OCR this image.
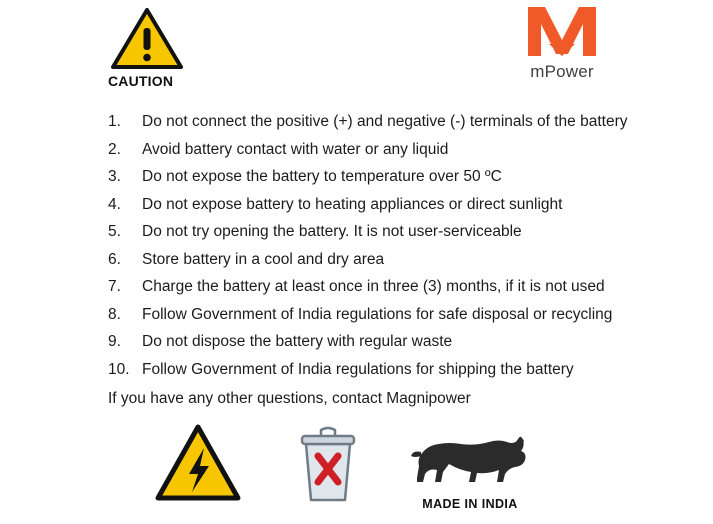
CAUTION	mPower
1.	Do not connect the positive (+) and negative (-) terminals of the battery
2.	Avoid battery contact with water or any liquid
3.	Do not expose the battery to temperature over 50 ºC
4.	Do not expose battery to heating appliances or direct sunlight
5.	Do not try opening the battery. It is not user-serviceable
6.	Store battery in a cool and dry area
7.	Charge the battery at least once in three (3) months, if it is not used
8.	Follow Government of India regulations for safe disposal or recycling
9.	Do not dispose the battery with regular waste
10. Follow Government of India regulations for shipping the battery
If you have any other questions, contact Magnipower
MADE IN INDIA
